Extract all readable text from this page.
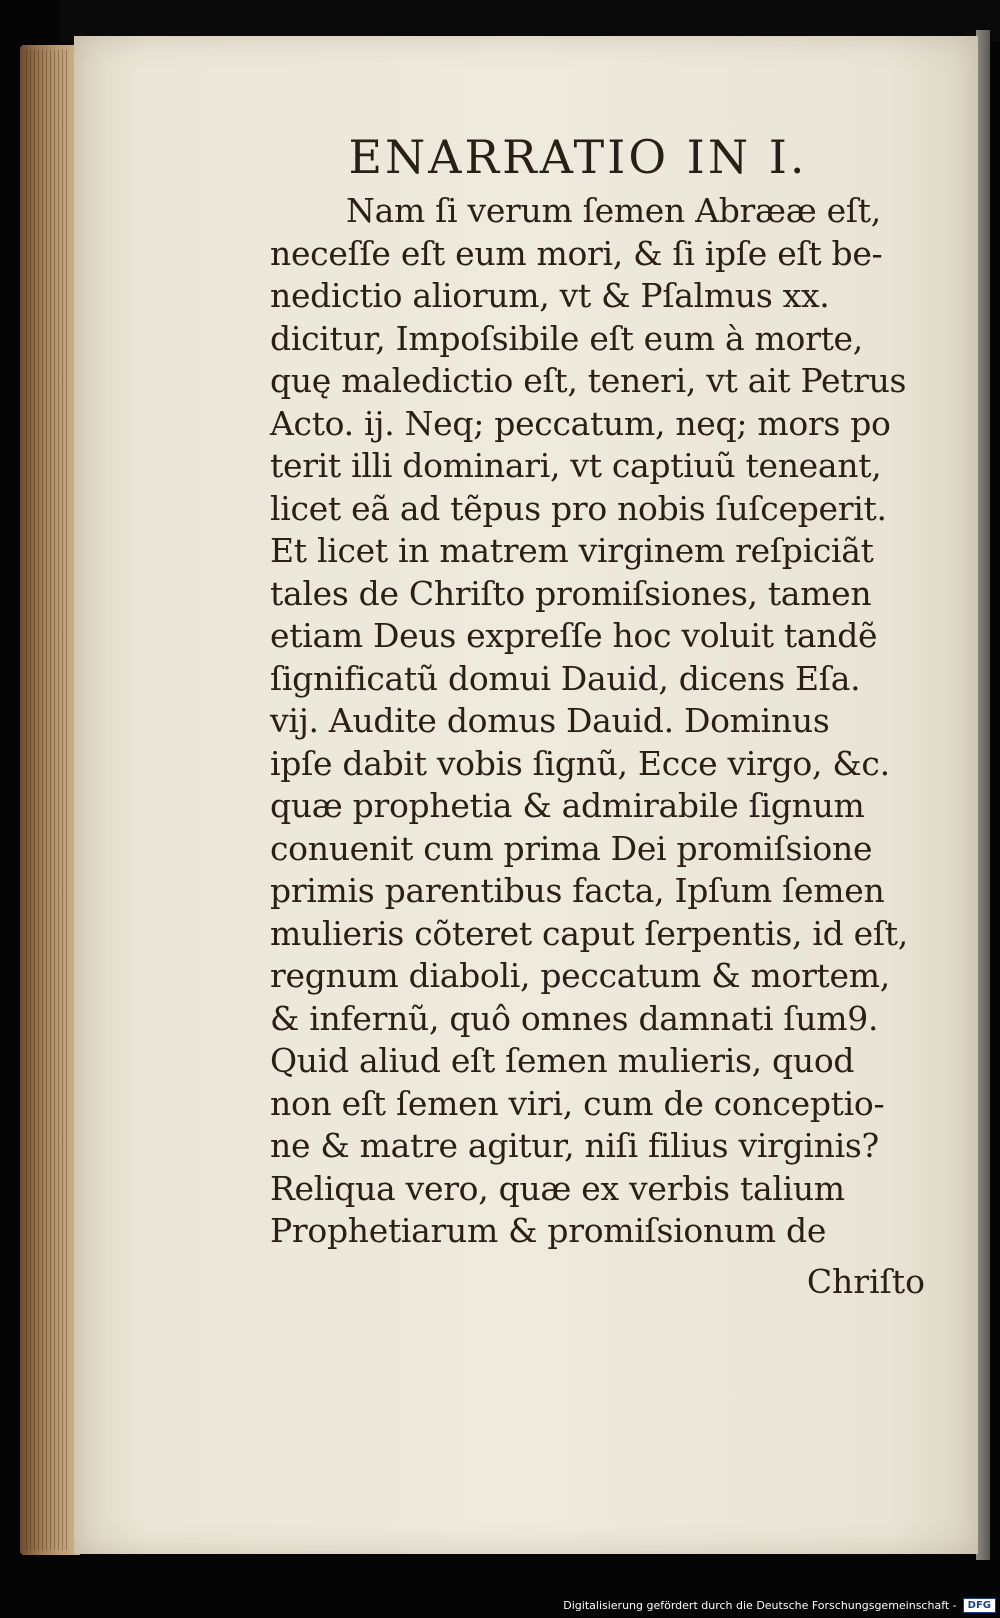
ENARRATIO IN I.
Nam ſi verum ſemen Abrææ eſt,
neceſſe eſt eum mori, & ſi ipſe eſt be-
nedictio aliorum, vt & Pſalmus xx.
dicitur, Impoſsibile eſt eum à morte,
quę maledictio eſt, teneri, vt ait Petrus
Acto. ij. Neq; peccatum, neq; mors po
terit illi dominari, vt captiuũ teneant,
licet eã ad tẽpus pro nobis ſuſceperit.
Et licet in matrem virginem reſpiciãt
tales de Chriſto promiſsiones, tamen
etiam Deus expreſſe hoc voluit tandẽ
ſignificatũ domui Dauid, dicens Eſa.
vij. Audite domus Dauid. Dominus
ipſe dabit vobis ſignũ, Ecce virgo, &c.
quæ prophetia & admirabile ſignum
conuenit cum prima Dei promiſsione
primis parentibus facta, Ipſum ſemen
mulieris cõteret caput ſerpentis, id eſt,
regnum diaboli, peccatum & mortem,
& infernũ, quô omnes damnati ſum9.
Quid aliud eſt ſemen mulieris, quod
non eſt ſemen viri, cum de conceptio-
ne & matre agitur, niſi filius virginis?
Reliqua vero, quæ ex verbis talium
Prophetiarum & promiſsionum de
Chriſto
Digitalisierung gefördert durch die Deutsche Forschungsgemeinschaft -	DFG
